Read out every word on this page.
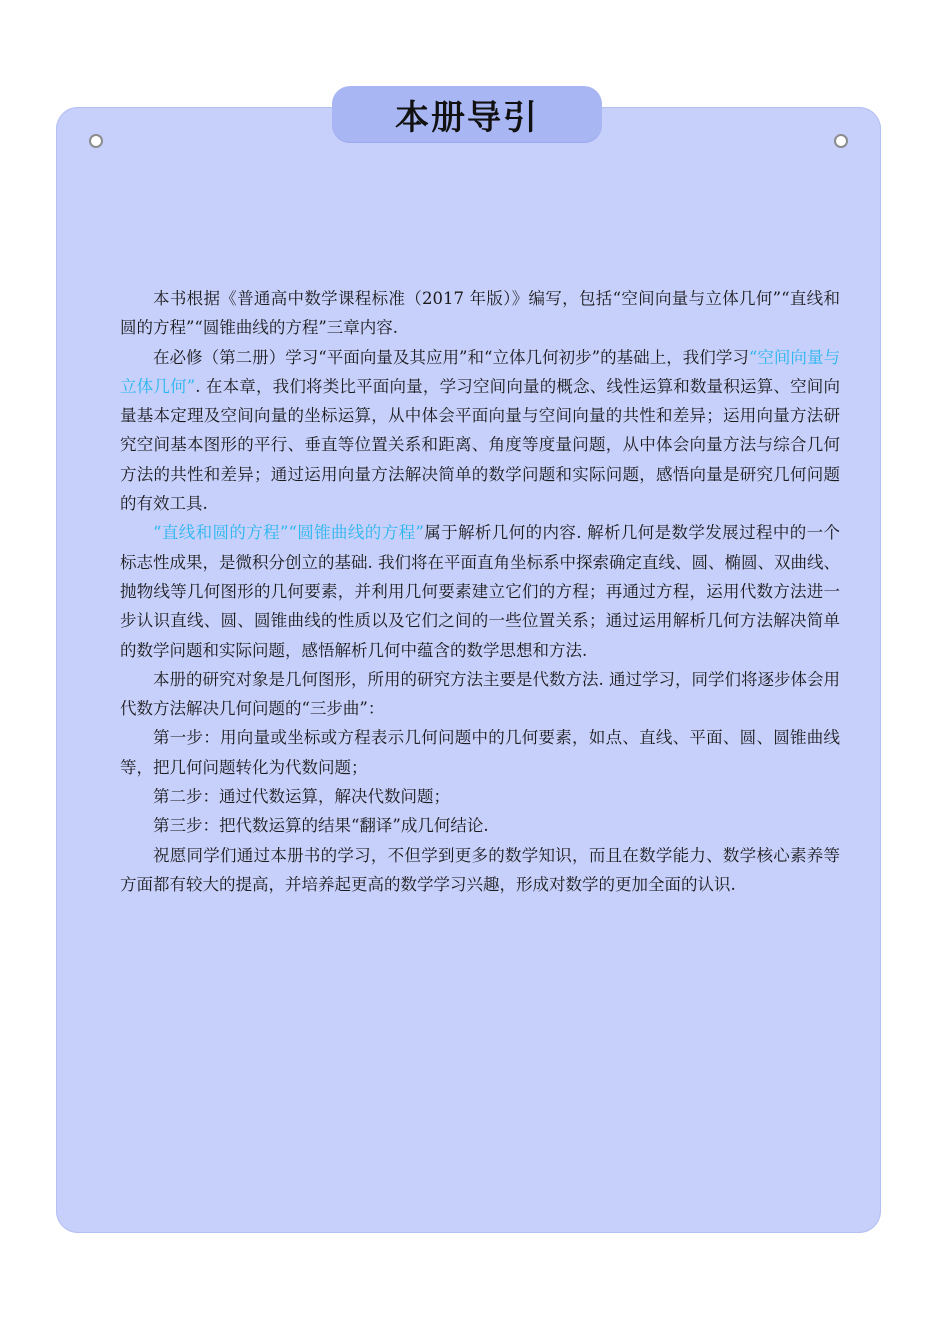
本册导引

本书根据《普通高中数学课程标准（2017 年版）》编写，包括“空间向量与立体几何”“直线和圆的方程”“圆锥曲线的方程”三章内容.

在必修（第二册）学习“平面向量及其应用”和“立体几何初步”的基础上，我们学习“空间向量与立体几何”. 在本章，我们将类比平面向量，学习空间向量的概念、线性运算和数量积运算、空间向量基本定理及空间向量的坐标运算，从中体会平面向量与空间向量的共性和差异；运用向量方法研究空间基本图形的平行、垂直等位置关系和距离、角度等度量问题，从中体会向量方法与综合几何方法的共性和差异；通过运用向量方法解决简单的数学问题和实际问题，感悟向量是研究几何问题的有效工具.

“直线和圆的方程”“圆锥曲线的方程”属于解析几何的内容. 解析几何是数学发展过程中的一个标志性成果，是微积分创立的基础. 我们将在平面直角坐标系中探索确定直线、圆、椭圆、双曲线、抛物线等几何图形的几何要素，并利用几何要素建立它们的方程；再通过方程，运用代数方法进一步认识直线、圆、圆锥曲线的性质以及它们之间的一些位置关系；通过运用解析几何方法解决简单的数学问题和实际问题，感悟解析几何中蕴含的数学思想和方法.

本册的研究对象是几何图形，所用的研究方法主要是代数方法. 通过学习，同学们将逐步体会用代数方法解决几何问题的“三步曲”：

第一步：用向量或坐标或方程表示几何问题中的几何要素，如点、直线、平面、圆、圆锥曲线等，把几何问题转化为代数问题；

第二步：通过代数运算，解决代数问题；

第三步：把代数运算的结果“翻译”成几何结论.

祝愿同学们通过本册书的学习，不但学到更多的数学知识，而且在数学能力、数学核心素养等方面都有较大的提高，并培养起更高的数学学习兴趣，形成对数学的更加全面的认识.
